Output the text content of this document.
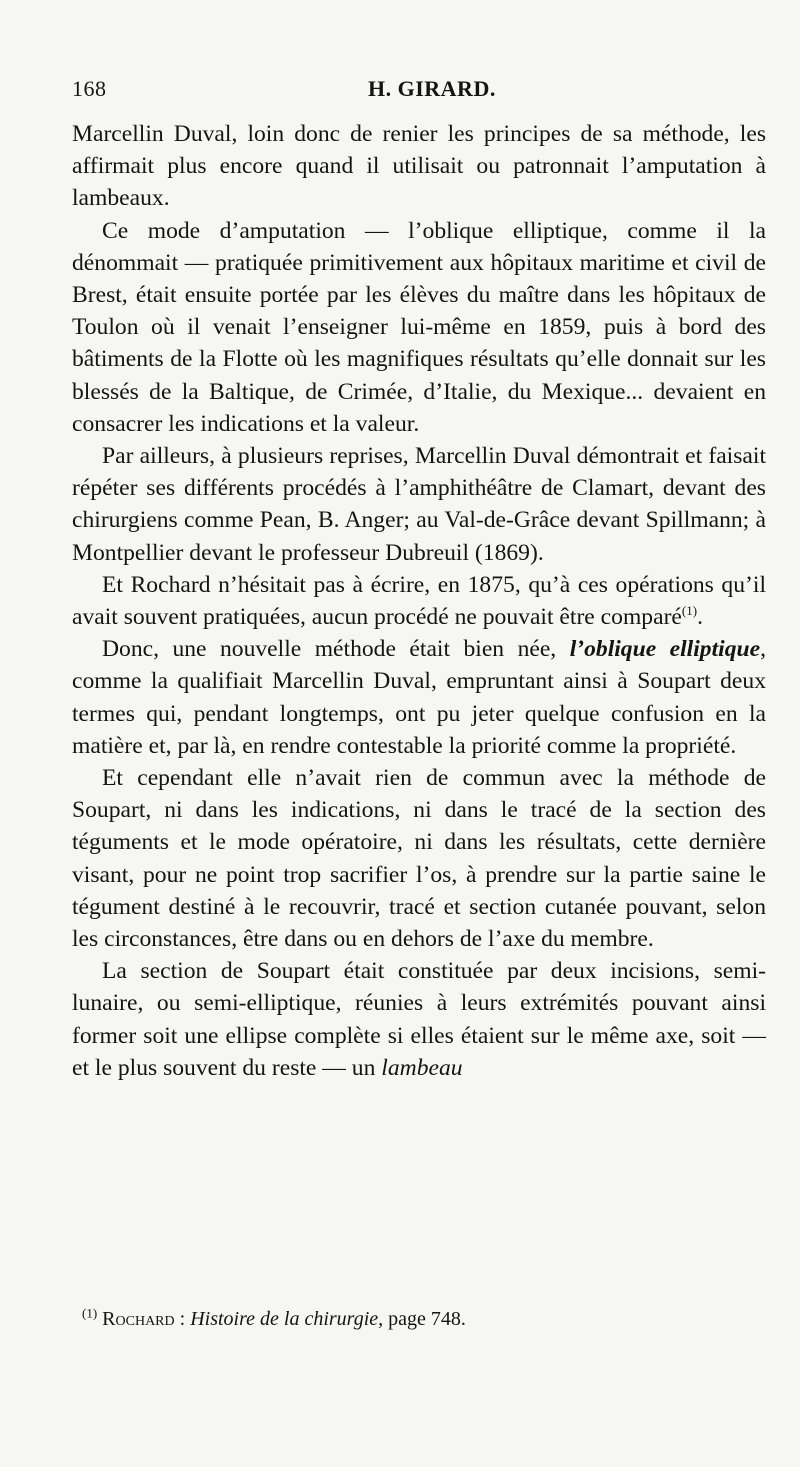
168	H. GIRARD.

Marcellin Duval, loin donc de renier les principes de sa méthode, les affirmait plus encore quand il utilisait ou patronnait l’amputation à lambeaux.

Ce mode d’amputation — l’oblique elliptique, comme il la dénommait — pratiquée primitivement aux hôpitaux maritime et civil de Brest, était ensuite portée par les élèves du maître dans les hôpitaux de Toulon où il venait l’enseigner lui-même en 1859, puis à bord des bâtiments de la Flotte où les magnifiques résultats qu’elle donnait sur les blessés de la Baltique, de Crimée, d’Italie, du Mexique... devaient en consacrer les indications et la valeur.

Par ailleurs, à plusieurs reprises, Marcellin Duval démontrait et faisait répéter ses différents procédés à l’amphithéâtre de Clamart, devant des chirurgiens comme Pean, B. Anger; au Val-de-Grâce devant Spillmann; à Montpellier devant le professeur Dubreuil (1869).

Et Rochard n’hésitait pas à écrire, en 1875, qu’à ces opérations qu’il avait souvent pratiquées, aucun procédé ne pouvait être comparé$^{(1)}$.

Donc, une nouvelle méthode était bien née, l’oblique elliptique, comme la qualifiait Marcellin Duval, empruntant ainsi à Soupart deux termes qui, pendant longtemps, ont pu jeter quelque confusion en la matière et, par là, en rendre contestable la priorité comme la propriété.

Et cependant elle n’avait rien de commun avec la méthode de Soupart, ni dans les indications, ni dans le tracé de la section des téguments et le mode opératoire, ni dans les résultats, cette dernière visant, pour ne point trop sacrifier l’os, à prendre sur la partie saine le tégument destiné à le recouvrir, tracé et section cutanée pouvant, selon les circonstances, être dans ou en dehors de l’axe du membre.

La section de Soupart était constituée par deux incisions, semi-lunaire, ou semi-elliptique, réunies à leurs extrémités pouvant ainsi former soit une ellipse complète si elles étaient sur le même axe, soit — et le plus souvent du reste — un lambeau

$^{(1)}$ Rochard : Histoire de la chirurgie, page 748.
